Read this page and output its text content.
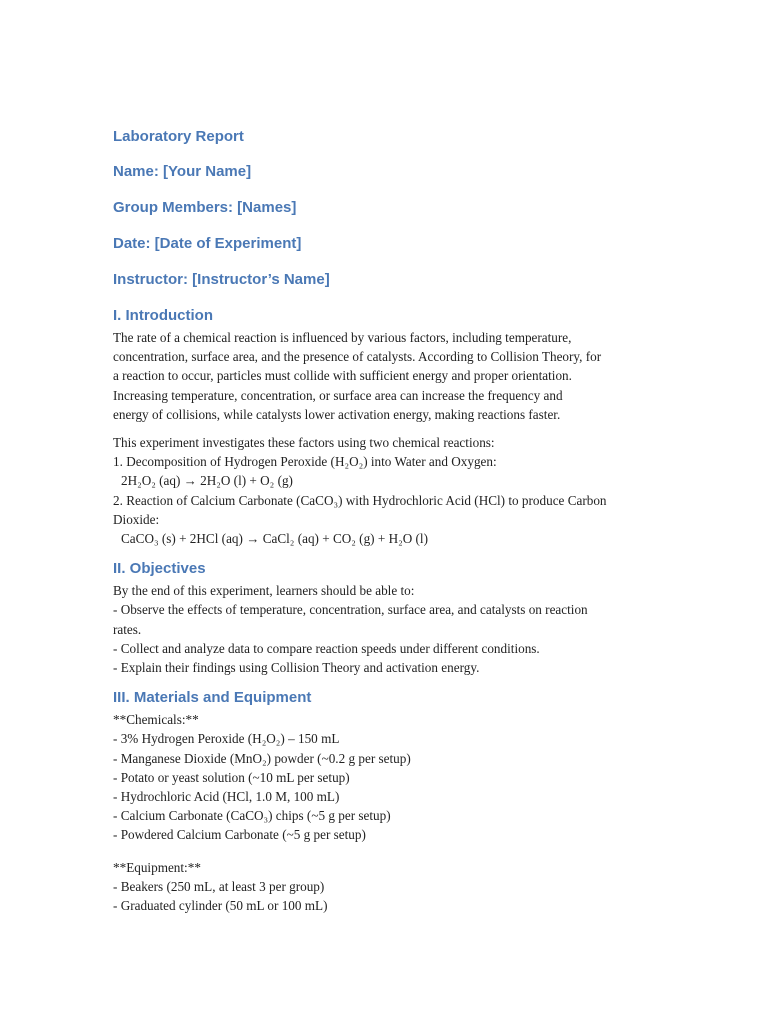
Laboratory Report
Name: [Your Name]
Group Members: [Names]
Date: [Date of Experiment]
Instructor: [Instructor’s Name]
I. Introduction
The rate of a chemical reaction is influenced by various factors, including temperature,
concentration, surface area, and the presence of catalysts. According to Collision Theory, for
a reaction to occur, particles must collide with sufficient energy and proper orientation.
Increasing temperature, concentration, or surface area can increase the frequency and
energy of collisions, while catalysts lower activation energy, making reactions faster.
This experiment investigates these factors using two chemical reactions:
1. Decomposition of Hydrogen Peroxide (H₂O₂) into Water and Oxygen:
2H₂O₂ (aq) → 2H₂O (l) + O₂ (g)
2. Reaction of Calcium Carbonate (CaCO₃) with Hydrochloric Acid (HCl) to produce Carbon
Dioxide:
CaCO₃ (s) + 2HCl (aq) → CaCl₂ (aq) + CO₂ (g) + H₂O (l)
II. Objectives
By the end of this experiment, learners should be able to:
- Observe the effects of temperature, concentration, surface area, and catalysts on reaction
rates.
- Collect and analyze data to compare reaction speeds under different conditions.
- Explain their findings using Collision Theory and activation energy.
III. Materials and Equipment
**Chemicals:**
- 3% Hydrogen Peroxide (H₂O₂) – 150 mL
- Manganese Dioxide (MnO₂) powder (~0.2 g per setup)
- Potato or yeast solution (~10 mL per setup)
- Hydrochloric Acid (HCl, 1.0 M, 100 mL)
- Calcium Carbonate (CaCO₃) chips (~5 g per setup)
- Powdered Calcium Carbonate (~5 g per setup)
**Equipment:**
- Beakers (250 mL, at least 3 per group)
- Graduated cylinder (50 mL or 100 mL)
